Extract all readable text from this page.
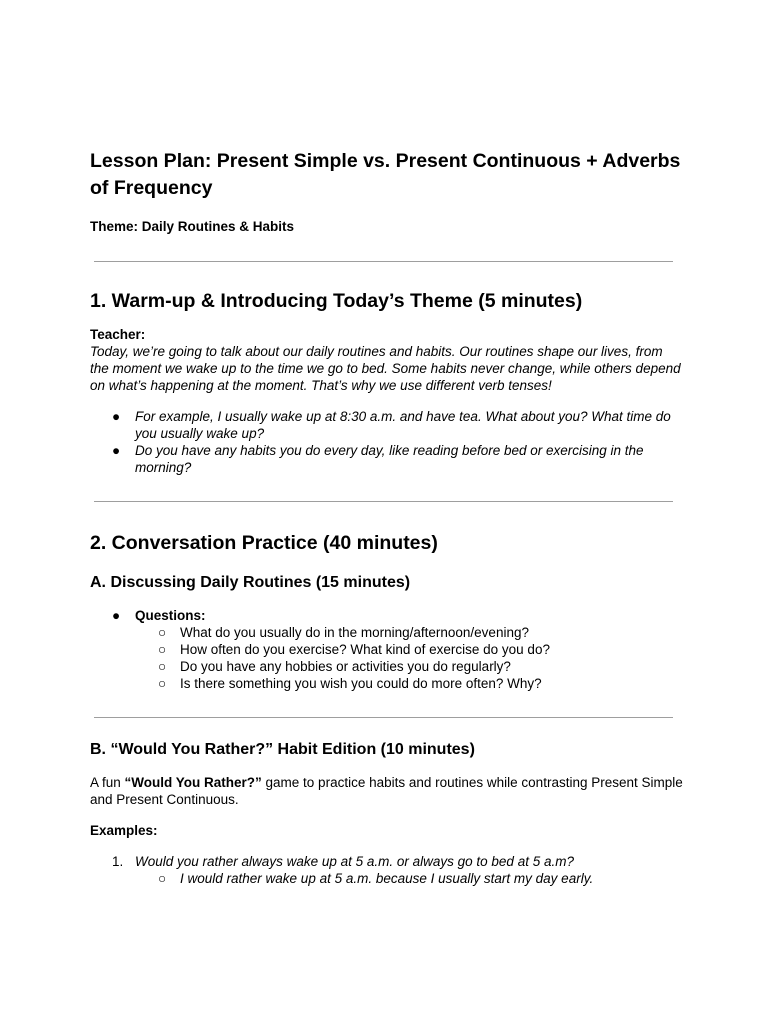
Lesson Plan: Present Simple vs. Present Continuous + Adverbs of Frequency
Theme: Daily Routines & Habits
1. Warm-up & Introducing Today’s Theme (5 minutes)
Teacher:
Today, we’re going to talk about our daily routines and habits. Our routines shape our lives, from the moment we wake up to the time we go to bed. Some habits never change, while others depend on what’s happening at the moment. That’s why we use different verb tenses!
● For example, I usually wake up at 8:30 a.m. and have tea. What about you? What time do you usually wake up?
● Do you have any habits you do every day, like reading before bed or exercising in the morning?
2. Conversation Practice (40 minutes)
A. Discussing Daily Routines (15 minutes)
● Questions:
○ What do you usually do in the morning/afternoon/evening?
○ How often do you exercise? What kind of exercise do you do?
○ Do you have any hobbies or activities you do regularly?
○ Is there something you wish you could do more often? Why?
B. “Would You Rather?” Habit Edition (10 minutes)
A fun “Would You Rather?” game to practice habits and routines while contrasting Present Simple and Present Continuous.
Examples:
1. Would you rather always wake up at 5 a.m. or always go to bed at 5 a.m?
○ I would rather wake up at 5 a.m. because I usually start my day early.
